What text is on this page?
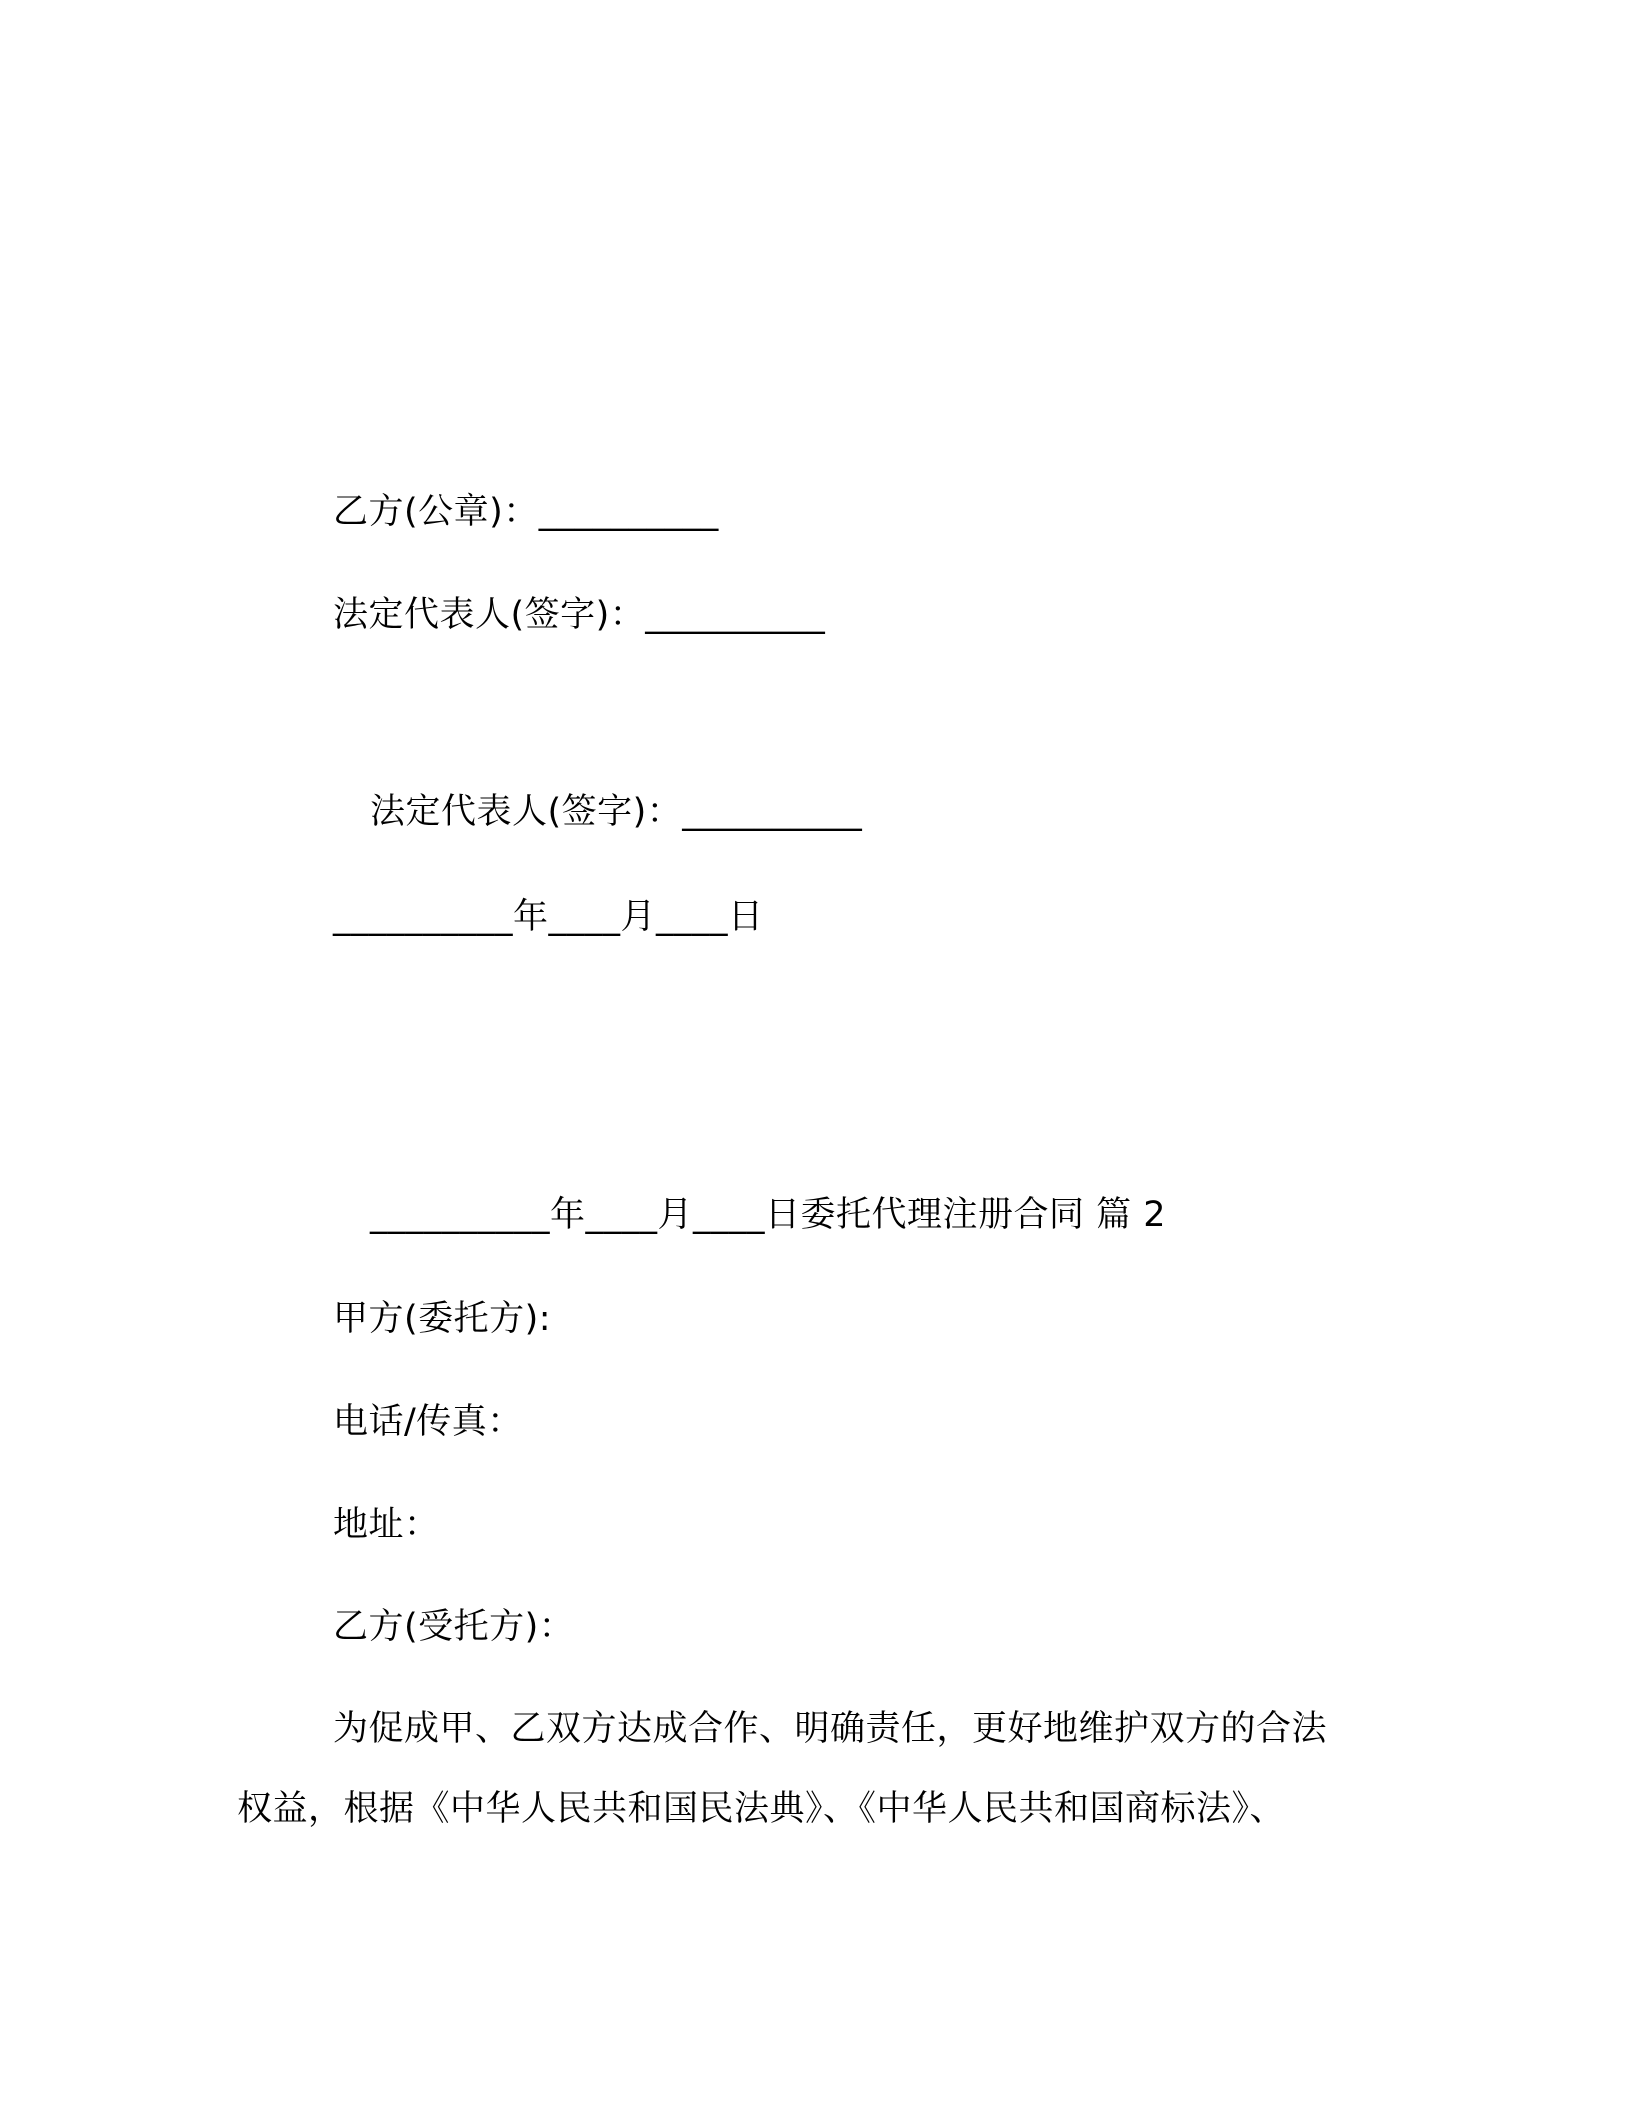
乙方(公章)：__________
法定代表人(签字)：__________
法定代表人(签字)：__________
__________年____月____日
__________年____月____日委托代理注册合同 篇 2
甲方(委托方):
电话/传真：
地址：
乙方(受托方)：
为促成甲、乙双方达成合作、明确责任，更好地维护双方的合法
权益，根据《中华人民共和国民法典》、《中华人民共和国商标法》、
